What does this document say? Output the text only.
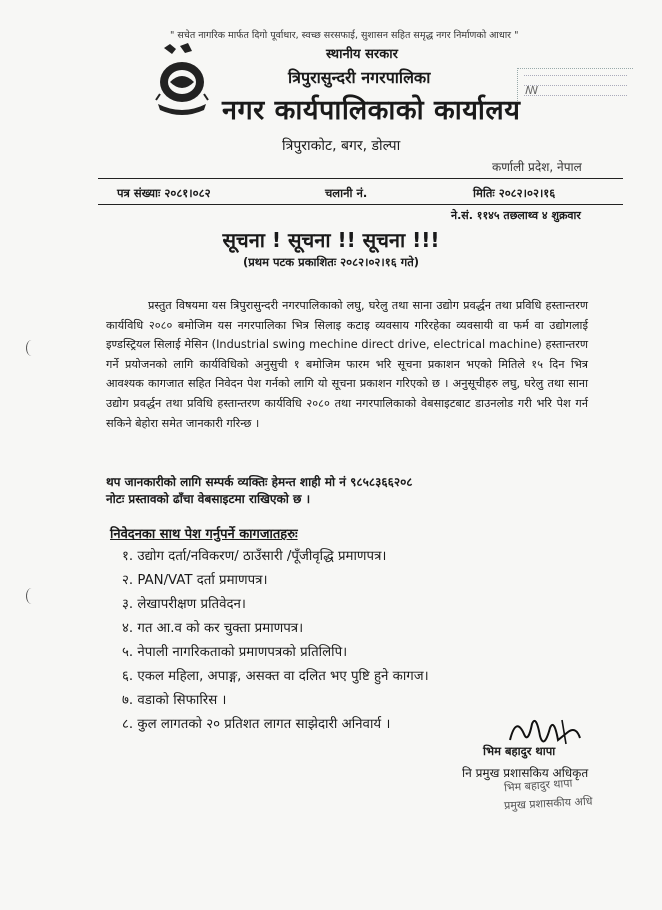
" सचेत नागरिक मार्फत दिगो पूर्वाधार, स्वच्छ सरसफाई, सुशासन सहित समृद्ध नगर निर्माणको आधार "
स्थानीय सरकार
त्रिपुरासुन्दरी नगरपालिका
नगर कार्यपालिकाको कार्यालय
त्रिपुराकोट, बगर, डोल्पा
कर्णाली प्रदेश, नेपाल
ꟿ
पत्र संख्याः २०८१।०८२	चलानी नं.	मितिः २०८२।०२।१६
ने.सं. ११४५ तछलाथ्व ४ शुक्रवार
सूचना ! सूचना !! सूचना !!!
(प्रथम पटक प्रकाशितः २०८२।०२।१६ गते)
प्रस्तुत विषयमा यस त्रिपुरासुन्दरी नगरपालिकाको लघु, घरेलु तथा साना उद्योग प्रवर्द्धन तथा प्रविधि हस्तान्तरण कार्यविधि २०८० बमोजिम यस नगरपालिका भित्र सिलाइ कटाइ व्यवसाय गरिरहेका व्यवसायी वा फर्म वा उद्योगलाई इण्डस्ट्रियल सिलाई मेसिन (Industrial swing mechine direct drive, electrical machine) हस्तान्तरण गर्ने प्रयोजनको लागि कार्यविधिको अनुसुची १ बमोजिम फारम भरि सूचना प्रकाशन भएको मितिले १५ दिन भित्र आवश्यक कागजात सहित निवेदन पेश गर्नको लागि यो सूचना प्रकाशन गरिएको छ । अनुसूचीहरु लघु, घरेलु तथा साना उद्योग प्रवर्द्धन तथा प्रविधि हस्तान्तरण कार्यविधि २०८० तथा नगरपालिकाको वेबसाइटबाट डाउनलोड गरी भरि पेश गर्न सकिने बेहोरा समेत जानकारी गरिन्छ ।
थप जानकारीको लागि सम्पर्क व्यक्तिः हेमन्त शाही मो नं ९८५८३६६२०८
नोटः प्रस्तावको ढाँचा वेबसाइटमा राखिएको छ ।
निवेदनका साथ पेश गर्नुपर्ने कागजातहरुः
१. उद्योग दर्ता/नविकरण/ ठाउँसारी /पूँजीवृद्धि प्रमाणपत्र।
२. PAN/VAT दर्ता प्रमाणपत्र।
३. लेखापरीक्षण प्रतिवेदन।
४. गत आ.व को कर चुक्ता प्रमाणपत्र।
५. नेपाली नागरिकताको प्रमाणपत्रको प्रतिलिपि।
६. एकल महिला, अपाङ्ग, असक्त वा दलित भए पुष्टि हुने कागज।
७. वडाको सिफारिस ।
८. कुल लागतको २० प्रतिशत लागत साझेदारी अनिवार्य ।
भिम बहादुर थापा
नि प्रमुख प्रशासकिय अधिकृत
भिम बहादुर थापा
प्रमुख प्रशासकीय अधि
